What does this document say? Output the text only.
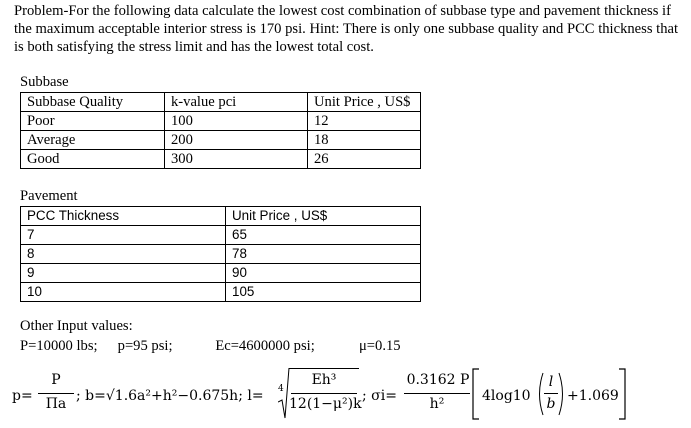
Problem-For the following data calculate the lowest cost combination of subbase type and pavement thickness if the maximum acceptable interior stress is 170 psi. Hint: There is only one subbase quality and PCC thickness that is both satisfying the stress limit and has the lowest total cost.
Subbase
Subbase Quality	k-value pci	Unit Price , US$
Poor	100	12
Average	200	18
Good	300	26
Pavement
PCC Thickness	Unit Price , US$
7	65
8	78
9	90
10	105
Other Input values:
P=10000 lbs; p=95 psi;	Ec=4600000 psi;	μ=0.15
p=
P
Πa ; b=√1.6a²+h²−0.675h; l= 4
Eh³
12(1−μ²)k ; σi=
0.3162 P
h²	4log10
l
b +1.069
